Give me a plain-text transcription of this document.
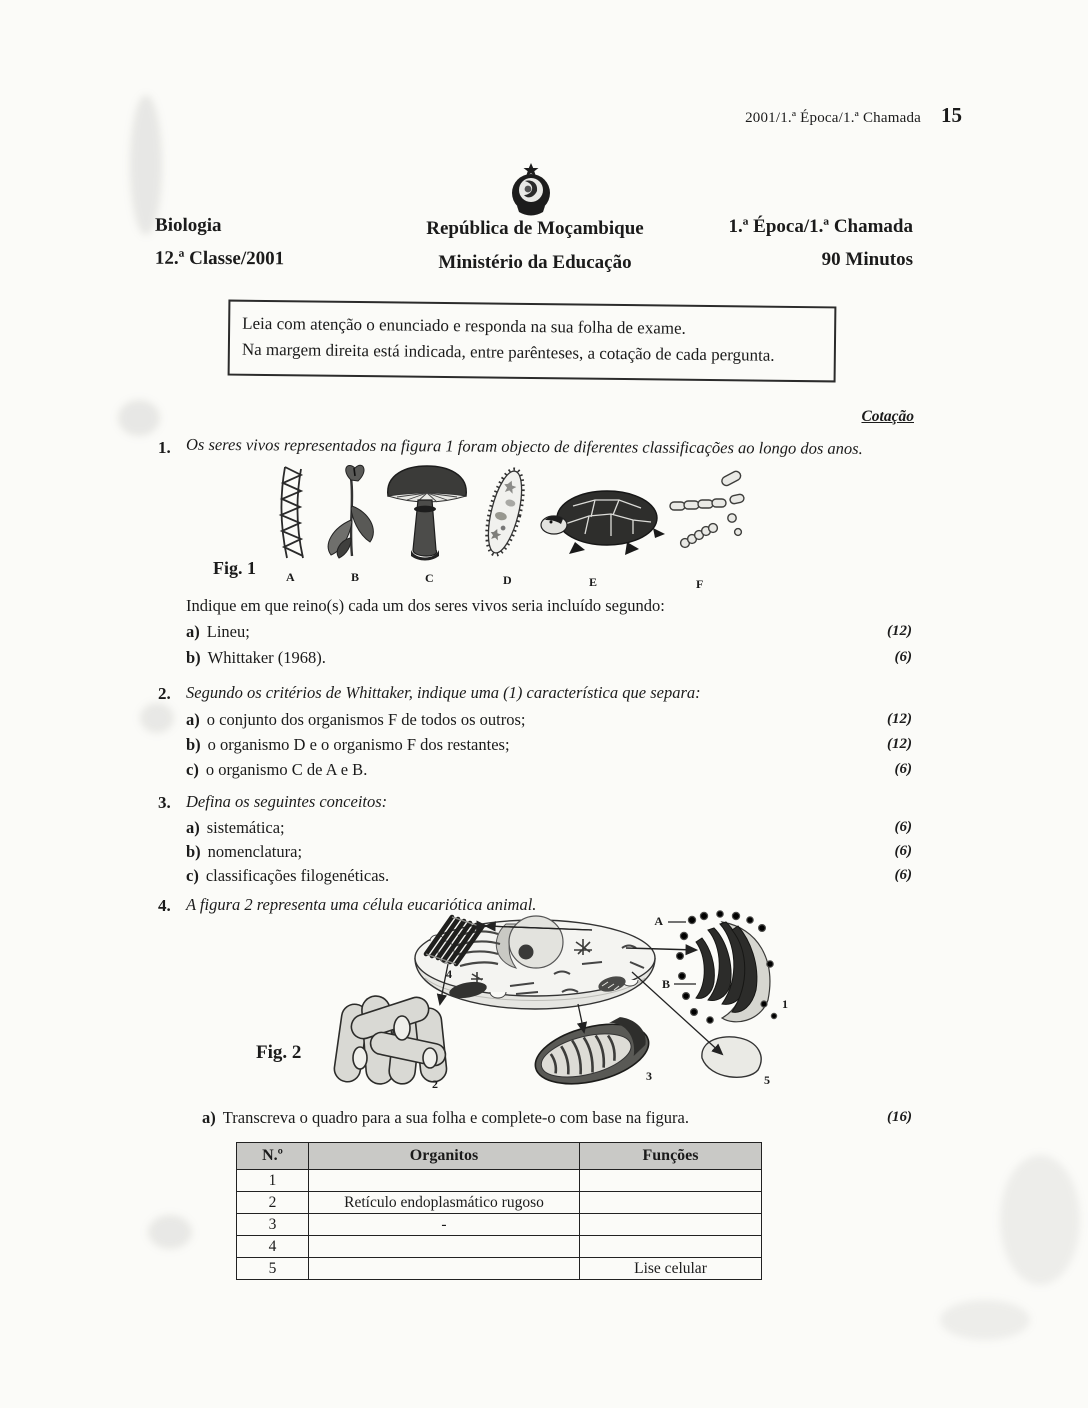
2001/1.ª Época/1.ª Chamada 15
Biologia
12.ª Classe/2001
República de Moçambique
Ministério da Educação
1.ª Época/1.ª Chamada
90 Minutos
Leia com atenção o enunciado e responda na sua folha de exame.
Na margem direita está indicada, entre parênteses, a cotação de cada pergunta.
Cotação
1. Os seres vivos representados na figura 1 foram objecto de diferentes classificações ao longo dos anos.
Fig. 1	A	B	C	D	E	F
Indique em que reino(s) cada um dos seres vivos seria incluído segundo:
a) Lineu;	(12)
b) Whittaker (1968).	(6)
2. Segundo os critérios de Whittaker, indique uma (1) característica que separa:
a) o conjunto dos organismos F de todos os outros;	(12)
b) o organismo D e o organismo F dos restantes;	(12)
c) o organismo C de A e B.	(6)
3. Defina os seguintes conceitos:
a) sistemática;	(6)
b) nomenclatura;	(6)
c) classificações filogenéticas.	(6)
4. A figura 2 representa uma célula eucariótica animal.
A
B
1
2
3
4
5
Fig. 2
a) Transcreva o quadro para a sua folha e complete-o com base na figura.	(16)
N.º	Organitos	Funções
1		
2	Retículo endoplasmático rugoso	
3	-	
4		
5		Lise celular
